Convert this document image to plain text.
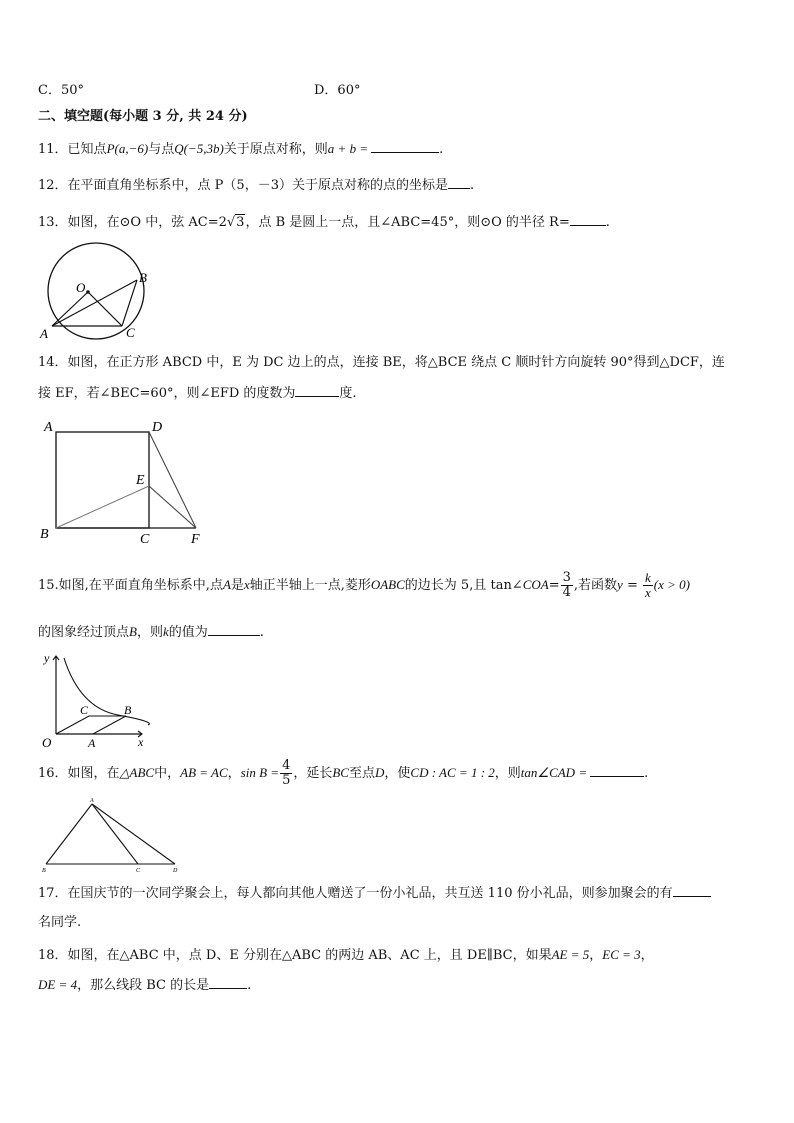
C．50°	D．60°
二、填空题(每小题 3 分, 共 24 分)
11．已知点P(a,−6)与点Q(−5,3b)关于原点对称，则a + b =	.
12．在平面直角坐标系中，点 P（5，－3）关于原点对称的点的坐标是 .
13．如图，在⊙O 中，弦 AC=2√3，点 B 是圆上一点，且∠ABC=45°，则⊙O 的半径 R=	.
O
A
B
C
14．如图，在正方形 ABCD 中，E 为 DC 边上的点，连接 BE，将△BCE 绕点 C 顺时针方向旋转 90°得到△DCF，连
接 EF，若∠BEC=60°，则∠EFD 的度数为	度.
A	D
E
B	C	F
15.如图,在平面直角坐标系中,点A是x轴正半轴上一点,菱形OABC的边长为 5,且 tan∠COA= $\frac{3}{4}$ ,若函数$y = \frac{k}{x} (x > 0)$
的图象经过顶点B，则k的值为	.
y
x
O	A
B
C
16．如图，在△ABC中，AB = AC，$\sin B = \frac{4}{5}$ ，延长BC至点D，使CD : AC = 1 : 2，则tan∠CAD =	.
A
B	C	D
17．在国庆节的一次同学聚会上，每人都向其他人赠送了一份小礼品，共互送 110 份小礼品，则参加聚会的有
名同学.
18．如图，在△ABC 中，点 D、E 分别在△ABC 的两边 AB、AC 上，且 DE∥BC，如果AE = 5，EC = 3，
DE = 4，那么线段 BC 的长是	.
